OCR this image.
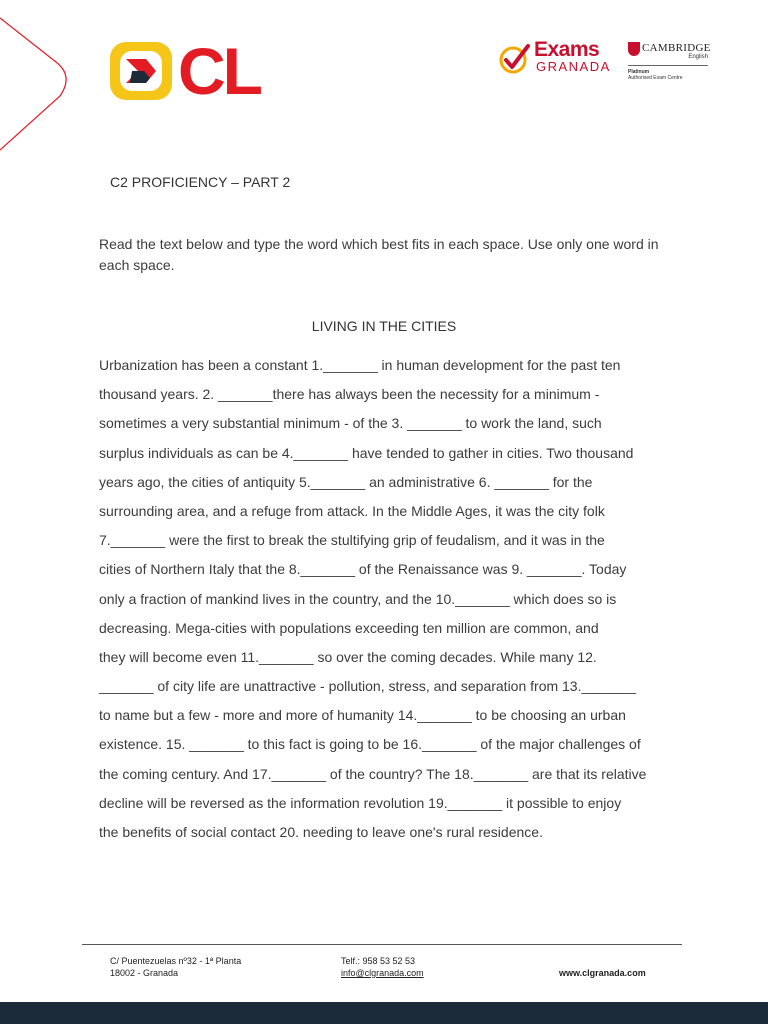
CL	Exams
GRANADA
CAMBRIDGE
English
Platinum
Authorised Exam Centre
C2 PROFICIENCY – PART 2
Read the text below and type the word which best fits in each space. Use only one word in each space.
LIVING IN THE CITIES
Urbanization has been a constant 1._______ in human development for the past ten
thousand years. 2. _______there has always been the necessity for a minimum -
sometimes a very substantial minimum - of the 3. _______ to work the land, such
surplus individuals as can be 4._______ have tended to gather in cities. Two thousand
years ago, the cities of antiquity 5._______ an administrative 6. _______ for the
surrounding area, and a refuge from attack. In the Middle Ages, it was the city folk
7._______ were the first to break the stultifying grip of feudalism, and it was in the
cities of Northern Italy that the 8._______ of the Renaissance was 9. _______. Today
only a fraction of mankind lives in the country, and the 10._______ which does so is
decreasing. Mega-cities with populations exceeding ten million are common, and
they will become even 11._______ so over the coming decades. While many 12.
_______ of city life are unattractive - pollution, stress, and separation from 13._______
to name but a few - more and more of humanity 14._______ to be choosing an urban
existence. 15. _______ to this fact is going to be 16._______ of the major challenges of
the coming century. And 17._______ of the country? The 18._______ are that its relative
decline will be reversed as the information revolution 19._______ it possible to enjoy
the benefits of social contact 20. needing to leave one's rural residence.
C/ Puentezuelas nº32 - 1ª Planta
18002 - Granada
Telf.: 958 53 52 53
info@clgranada.com	www.clgranada.com
